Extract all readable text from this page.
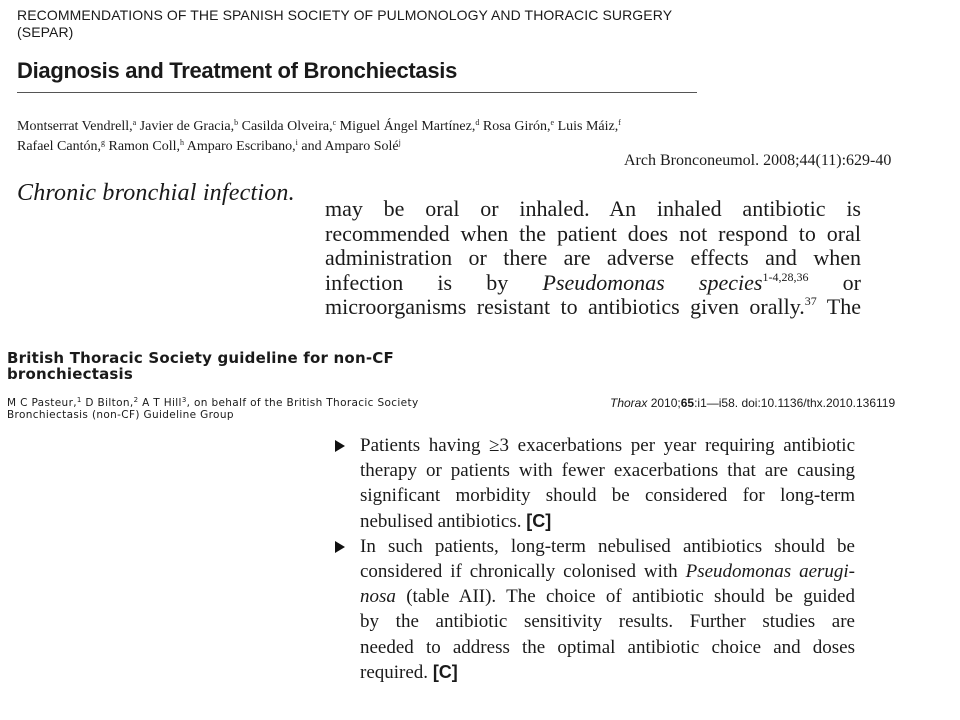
RECOMMENDATIONS OF THE SPANISH SOCIETY OF PULMONOLOGY AND THORACIC SURGERY
(SEPAR)
Diagnosis and Treatment of Bronchiectasis
Montserrat Vendrell,$^a$ Javier de Gracia,$^b$ Casilda Olveira,$^c$ Miguel Ángel Martínez,$^d$ Rosa Girón,$^e$ Luis Máiz,$^f$
Rafael Cantón,$^g$ Ramon Coll,$^h$ Amparo Escribano,$^i$ and Amparo Solé$^j$
Arch Bronconeumol. 2008;44(11):629-40
Chronic bronchial infection.
may be oral or inhaled. An inhaled antibiotic is
recommended when the patient does not respond to oral
administration or there are adverse effects and when
infection is by Pseudomonas species$^{1-4,28,36}$ or
microorganisms resistant to antibiotics given orally.$^{37}$ The
British Thoracic Society guideline for non-CF
bronchiectasis
M C Pasteur,$^1$ D Bilton,$^2$ A T Hill$^3$, on behalf of the British Thoracic Society
Bronchiectasis (non-CF) Guideline Group
Thorax 2010;65:i1—i58. doi:10.1136/thx.2010.136119
Patients having ≥3 exacerbations per year requiring antibiotic
therapy or patients with fewer exacerbations that are causing
significant morbidity should be considered for long-term
nebulised antibiotics. [C]
In such patients, long-term nebulised antibiotics should be
considered if chronically colonised with Pseudomonas aerugi-
nosa (table AII). The choice of antibiotic should be guided
by the antibiotic sensitivity results. Further studies are
needed to address the optimal antibiotic choice and doses
required. [C]
